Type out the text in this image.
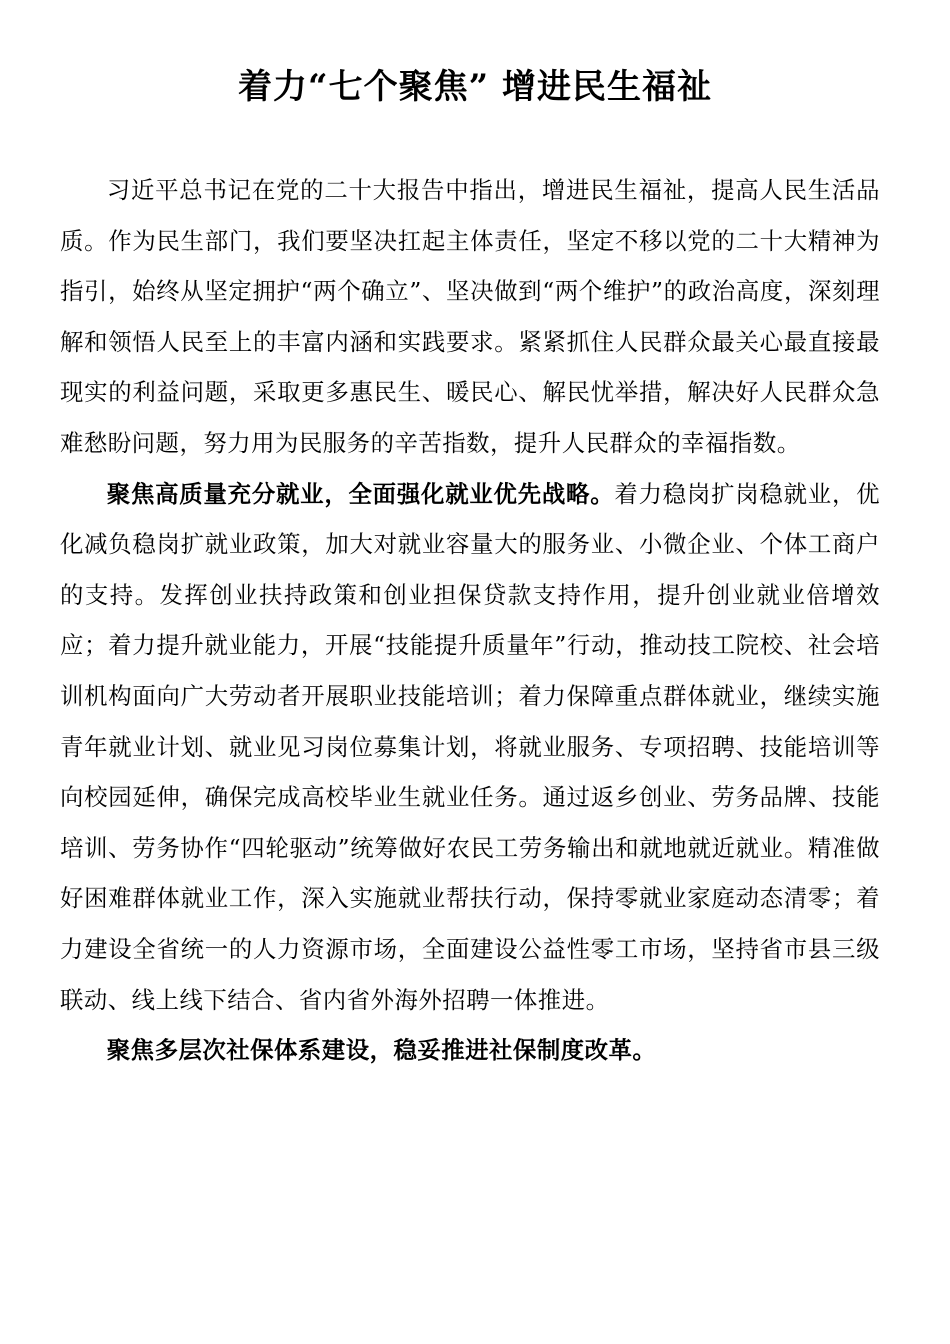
着力“七个聚焦” 增进民生福祉

习近平总书记在党的二十大报告中指出，增进民生福祉，提高人民生活品质。作为民生部门，我们要坚决扛起主体责任，坚定不移以党的二十大精神为指引，始终从坚定拥护“两个确立”、坚决做到“两个维护”的政治高度，深刻理解和领悟人民至上的丰富内涵和实践要求。紧紧抓住人民群众最关心最直接最现实的利益问题，采取更多惠民生、暖民心、解民忧举措，解决好人民群众急难愁盼问题，努力用为民服务的辛苦指数，提升人民群众的幸福指数。

聚焦高质量充分就业，全面强化就业优先战略。着力稳岗扩岗稳就业，优化减负稳岗扩就业政策，加大对就业容量大的服务业、小微企业、个体工商户的支持。发挥创业扶持政策和创业担保贷款支持作用，提升创业就业倍增效应；着力提升就业能力，开展“技能提升质量年”行动，推动技工院校、社会培训机构面向广大劳动者开展职业技能培训；着力保障重点群体就业，继续实施青年就业计划、就业见习岗位募集计划，将就业服务、专项招聘、技能培训等向校园延伸，确保完成高校毕业生就业任务。通过返乡创业、劳务品牌、技能培训、劳务协作“四轮驱动”统筹做好农民工劳务输出和就地就近就业。精准做好困难群体就业工作，深入实施就业帮扶行动，保持零就业家庭动态清零；着力建设全省统一的人力资源市场，全面建设公益性零工市场，坚持省市县三级联动、线上线下结合、省内省外海外招聘一体推进。

聚焦多层次社保体系建设，稳妥推进社保制度改革。
